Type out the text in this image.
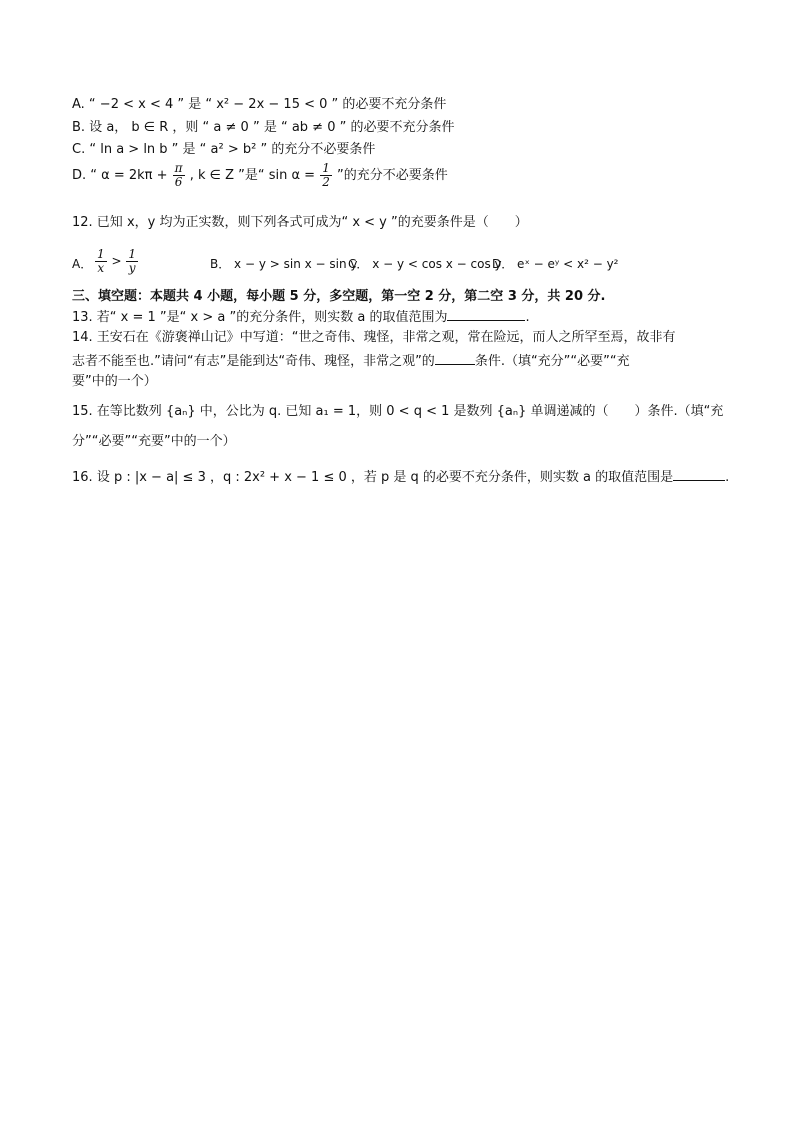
A. “ −2 < x < 4 ” 是 “ x² − 2x − 15 < 0 ” 的必要不充分条件
B. 设 a， b ∈ R ，则 “ a ≠ 0 ” 是 “ ab ≠ 0 ” 的必要不充分条件
C. “ ln a > ln b ” 是 “ a² > b² ” 的充分不必要条件
D. “ $\alpha = 2k\pi + \frac{\pi}{6}$ , k ∈ Z ”是“ $\sin \alpha = \frac{1}{2}$ ”的充分不必要条件
12. 已知 x，y 均为正实数，则下列各式可成为“ x < y ”的充要条件是（　　）
A． $\frac{1}{x} > \frac{1}{y}$	B． x − y > sin x − sin y
C． x − y < cos x − cos y
D． eˣ − eʸ < x² − y²
三、填空题：本题共 4 小题，每小题 5 分，多空题，第一空 2 分，第二空 3 分，共 20 分.
13. 若“ x = 1 ”是“ x > a ”的充分条件，则实数 a 的取值范围为	.
14. 王安石在《游褒禅山记》中写道：“世之奇伟、瑰怪，非常之观，常在险远，而人之所罕至焉，故非有
志者不能至也.”请问“有志”是能到达“奇伟、瑰怪，非常之观”的	条件.（填“充分”“必要”“充
要”中的一个）
15. 在等比数列 {aₙ} 中，公比为 q. 已知 a₁ = 1，则 0 < q < 1 是数列 {aₙ} 单调递减的（　　）条件.（填“充
分”“必要”“充要”中的一个）
16. 设 p : |x − a| ≤ 3 ，q : 2x² + x − 1 ≤ 0 ，若 p 是 q 的必要不充分条件，则实数 a 的取值范围是	.
